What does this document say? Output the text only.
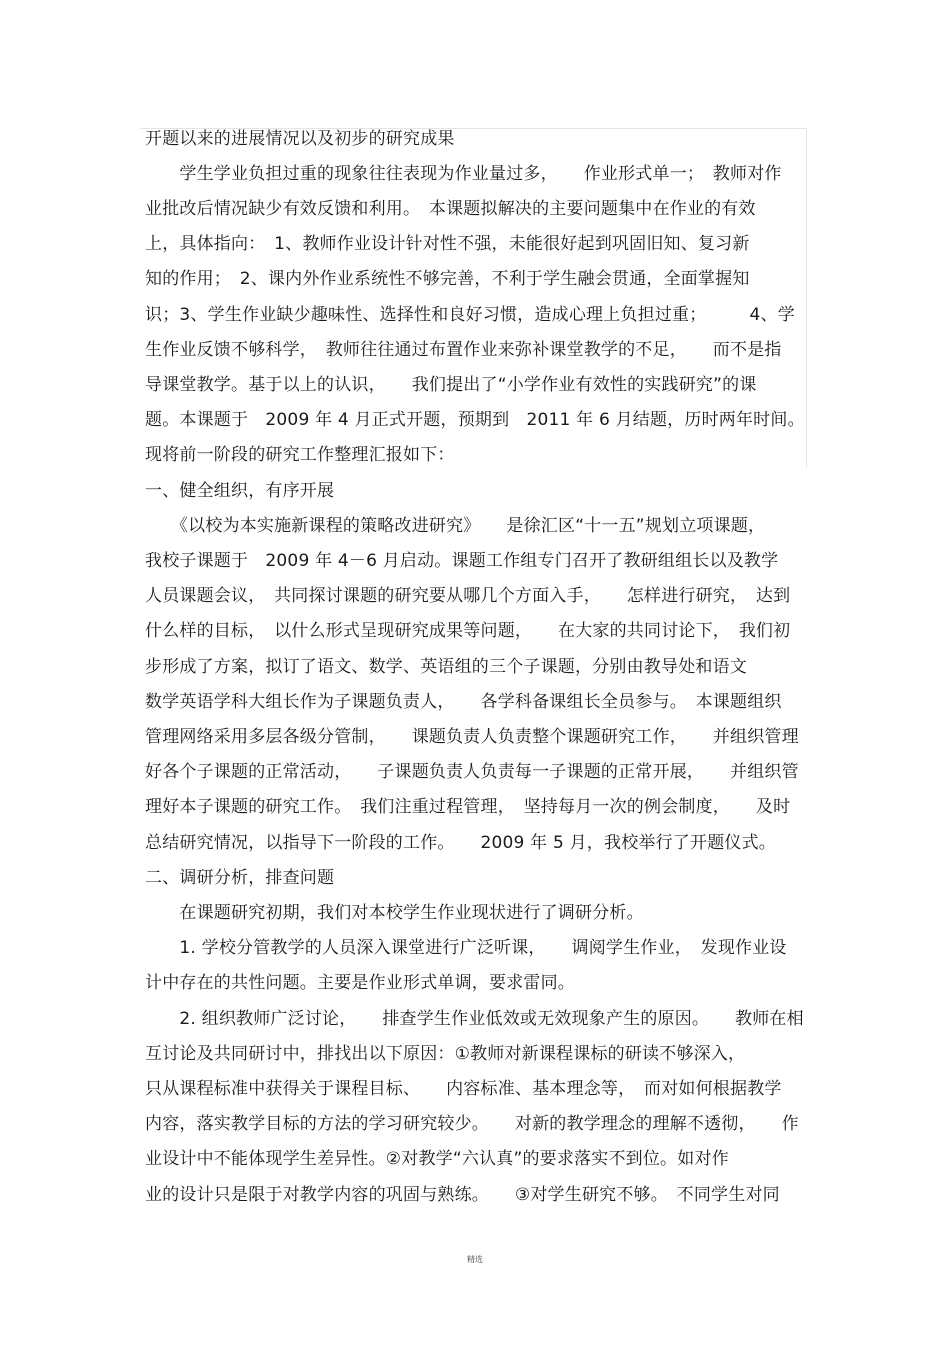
开题以来的进展情况以及初步的研究成果

　　学生学业负担过重的现象往往表现为作业量过多，　　作业形式单一；　教师对作

业批改后情况缺少有效反馈和利用。　本课题拟解决的主要问题集中在作业的有效

上，具体指向：　1、教师作业设计针对性不强，未能很好起到巩固旧知、复习新

知的作用；　2、课内外作业系统性不够完善，不利于学生融会贯通，全面掌握知

识；3、学生作业缺少趣味性、选择性和良好习惯，造成心理上负担过重；　　　4、学

生作业反馈不够科学，　教师往往通过布置作业来弥补课堂教学的不足，　　而不是指

导课堂教学。基于以上的认识，　　我们提出了“小学作业有效性的实践研究”的课

题。本课题于　2009 年 4 月正式开题，预期到　2011 年 6 月结题，历时两年时间。

现将前一阶段的研究工作整理汇报如下：

一、健全组织，有序开展

　　《以校为本实施新课程的策略改进研究》　　是徐汇区“十一五”规划立项课题，

我校子课题于　2009 年 4－6 月启动。课题工作组专门召开了教研组组长以及教学

人员课题会议，　共同探讨课题的研究要从哪几个方面入手，　　怎样进行研究，　达到

什么样的目标，　以什么形式呈现研究成果等问题，　　在大家的共同讨论下，　我们初

步形成了方案，拟订了语文、数学、英语组的三个子课题，分别由教导处和语文

数学英语学科大组长作为子课题负责人，　　各学科备课组长全员参与。　本课题组织

管理网络采用多层各级分管制，　　课题负责人负责整个课题研究工作，　　并组织管理

好各个子课题的正常活动，　　子课题负责人负责每一子课题的正常开展，　　并组织管

理好本子课题的研究工作。　我们注重过程管理，　坚持每月一次的例会制度，　　及时

总结研究情况，以指导下一阶段的工作。　　2009 年 5 月，我校举行了开题仪式。

二、调研分析，排查问题

　　在课题研究初期，我们对本校学生作业现状进行了调研分析。

　　1. 学校分管教学的人员深入课堂进行广泛听课，　　调阅学生作业，　发现作业设

计中存在的共性问题。主要是作业形式单调，要求雷同。

　　2. 组织教师广泛讨论，　　排查学生作业低效或无效现象产生的原因。　　教师在相

互讨论及共同研讨中，排找出以下原因：①教师对新课程课标的研读不够深入，

只从课程标准中获得关于课程目标、　　内容标准、基本理念等，　而对如何根据教学

内容，落实教学目标的方法的学习研究较少。　　对新的教学理念的理解不透彻，　　作

业设计中不能体现学生差异性。②对教学“六认真”的要求落实不到位。如对作

业的设计只是限于对教学内容的巩固与熟练。　　③对学生研究不够。　不同学生对同

精选
